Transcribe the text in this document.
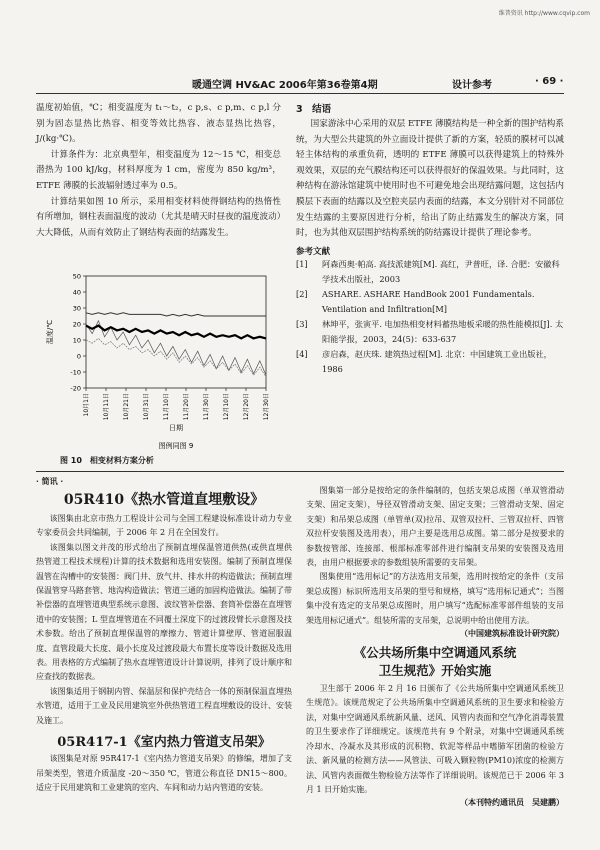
维普资讯 http://www.cqvip.com
暖通空调 HV&AC 2006年第36卷第4期	设计参考	· 69 ·

温度初始值，℃；相变温度为 t₁～t₂，c p,s、c p,m、c p,l 分别为固态显热比热容、相变等效比热容、液态显热比热容，J/(kg·℃)。

计算条件为：北京典型年，相变温度为 12～15 ℃，相变总潜热为 100 kJ/kg，材料厚度为 1 cm，密度为 850 kg/m³，ETFE 薄膜的长波辐射透过率为 0.5。

计算结果如图 10 所示，采用相变材料使得钢结构的热惰性有所增加，钢柱表面温度的波动（尤其是晴天时昼夜的温度波动）大大降低，从而有效防止了钢结构表面的结露发生。

-20
-10
0
10
20
30
40
50
温度/℃
10月1日 10月11日 10月21日 10月31日 11月10日 11月20日 11月30日 12月10日 12月20日 12月30日
日期
图例同图 9
图 10　相变材料方案分析
3　结语

国家游泳中心采用的双层 ETFE 薄膜结构是一种全新的围护结构系统，为大型公共建筑的外立面设计提供了新的方案，轻质的膜材可以减轻主体结构的承重负荷，透明的 ETFE 薄膜可以获得建筑上的特殊外观效果，双层的充气膜结构还可以获得很好的保温效果。与此同时，这种结构在游泳馆建筑中使用时也不可避免地会出现结露问题，这包括内膜层下表面的结露以及空腔夹层内表面的结露，本文分别针对不同部位发生结露的主要原因进行分析，给出了防止结露发生的解决方案，同时，也为其他双层围护结构系统的防结露设计提供了理论参考。

参考文献
[1] 阿森西奥·帕高. 高技派建筑[M]. 高红，尹普旺，译. 合肥：安徽科学技术出版社，2003
[2] ASHARE. ASHARE HandBook 2001 Fundamentals. Ventilation and Infiltration[M]
[3] 林坤平，张寅平. 电加热相变材料蓄热地板采暖的热性能模拟[J]. 太阳能学报，2003，24(5)：633-637
[4] 彦启森，赵庆珠. 建筑热过程[M]. 北京：中国建筑工业出版社，1986
· 简讯 ·
05R410《热水管道直埋敷设》

该图集由北京市热力工程设计公司与全国工程建设标准设计动力专业专家委员会共同编制，于 2006 年 2 月在全国发行。

该图集以图文并茂的形式给出了预制直埋保温管道供热(或供直埋供热管道工程技术规程)计算的技术数据和选用安装图。编制了预制直埋保温管在沟槽中的安装图：阀门井、放气井、排水井的构造做法；预制直埋保温管穿马路套管、地沟构造做法；管道三通的加固构造做法。编制了带补偿器的直埋管道典型系统示意图、波纹管补偿器、套筒补偿器在直埋管道中的安装图；L 型直埋管道在不同覆土深度下的过渡段臂长示意图及技术参数。给出了预制直埋保温管的摩擦力、管道计算壁厚、管道屈服温度、直管段最大长度、最小长度及过渡段最大布置长度等设计数据及选用表。用表格的方式编制了热水直埋管道设计计算说明，排列了设计顺序和应查找的数据表。

该图集适用于钢制内管、保温层和保护壳结合一体的预制保温直埋热水管道，适用于工业及民用建筑室外供热管道工程直埋敷设的设计、安装及施工。

05R417-1《室内热力管道支吊架》

该图集是对原 95R417-1《室内热力管道支吊架》的修编，增加了支吊架类型，管道介质温度 -20～350 ℃，管道公称直径 DN15～800。适应于民用建筑和工业建筑的室内、车间和动力站内管道的安装。

图集第一部分是按给定的条件编制的，包括支架总成图（单双管滑动支架、固定支架），导径双管滑动支架、固定支架；三管滑动支架、固定支架）和吊架总成图（单管单(双)拉吊、双管双拉杆、三管双拉杆、四管双拉杆安装图及选用表），用户主要是选用总成图。第二部分是按要求的参数按管部、连接部、根部标准零部件进行编制支吊架的安装图及选用表，由用户根据要求的参数组装所需要的支吊架。

图集使用“选用标记”的方法选用支吊架，选用时按给定的条件（支吊架总成图）标识所选用支吊架的型号和规格，填写“选用标记通式”；当图集中没有选定的支吊架总成图时，用户填写“选配标准零部件组装的支吊架选用标记通式”。组装所需的支吊架，总说明中给出使用方法。

（中国建筑标准设计研究院）
《公共场所集中空调通风系统
卫生规范》开始实施

卫生部于 2006 年 2 月 16 日颁布了《公共场所集中空调通风系统卫生规范》。该规范规定了公共场所集中空调通风系统的卫生要求和检验方法，对集中空调通风系统新风量、送风、风管内表面和空气净化消毒装置的卫生要求作了详细规定。该规范共有 9 个附录，对集中空调通风系统冷却水、冷凝水及其形成的沉积物、软泥等样品中嗜肺军团菌的检验方法、新风量的检测方法——风管法、可吸入颗粒物(PM10)浓度的检测方法、风管内表面微生物检验方法等作了详细说明。该规范已于 2006 年 3 月 1 日开始实施。

（本刊特约通讯员　吴建鹏）
